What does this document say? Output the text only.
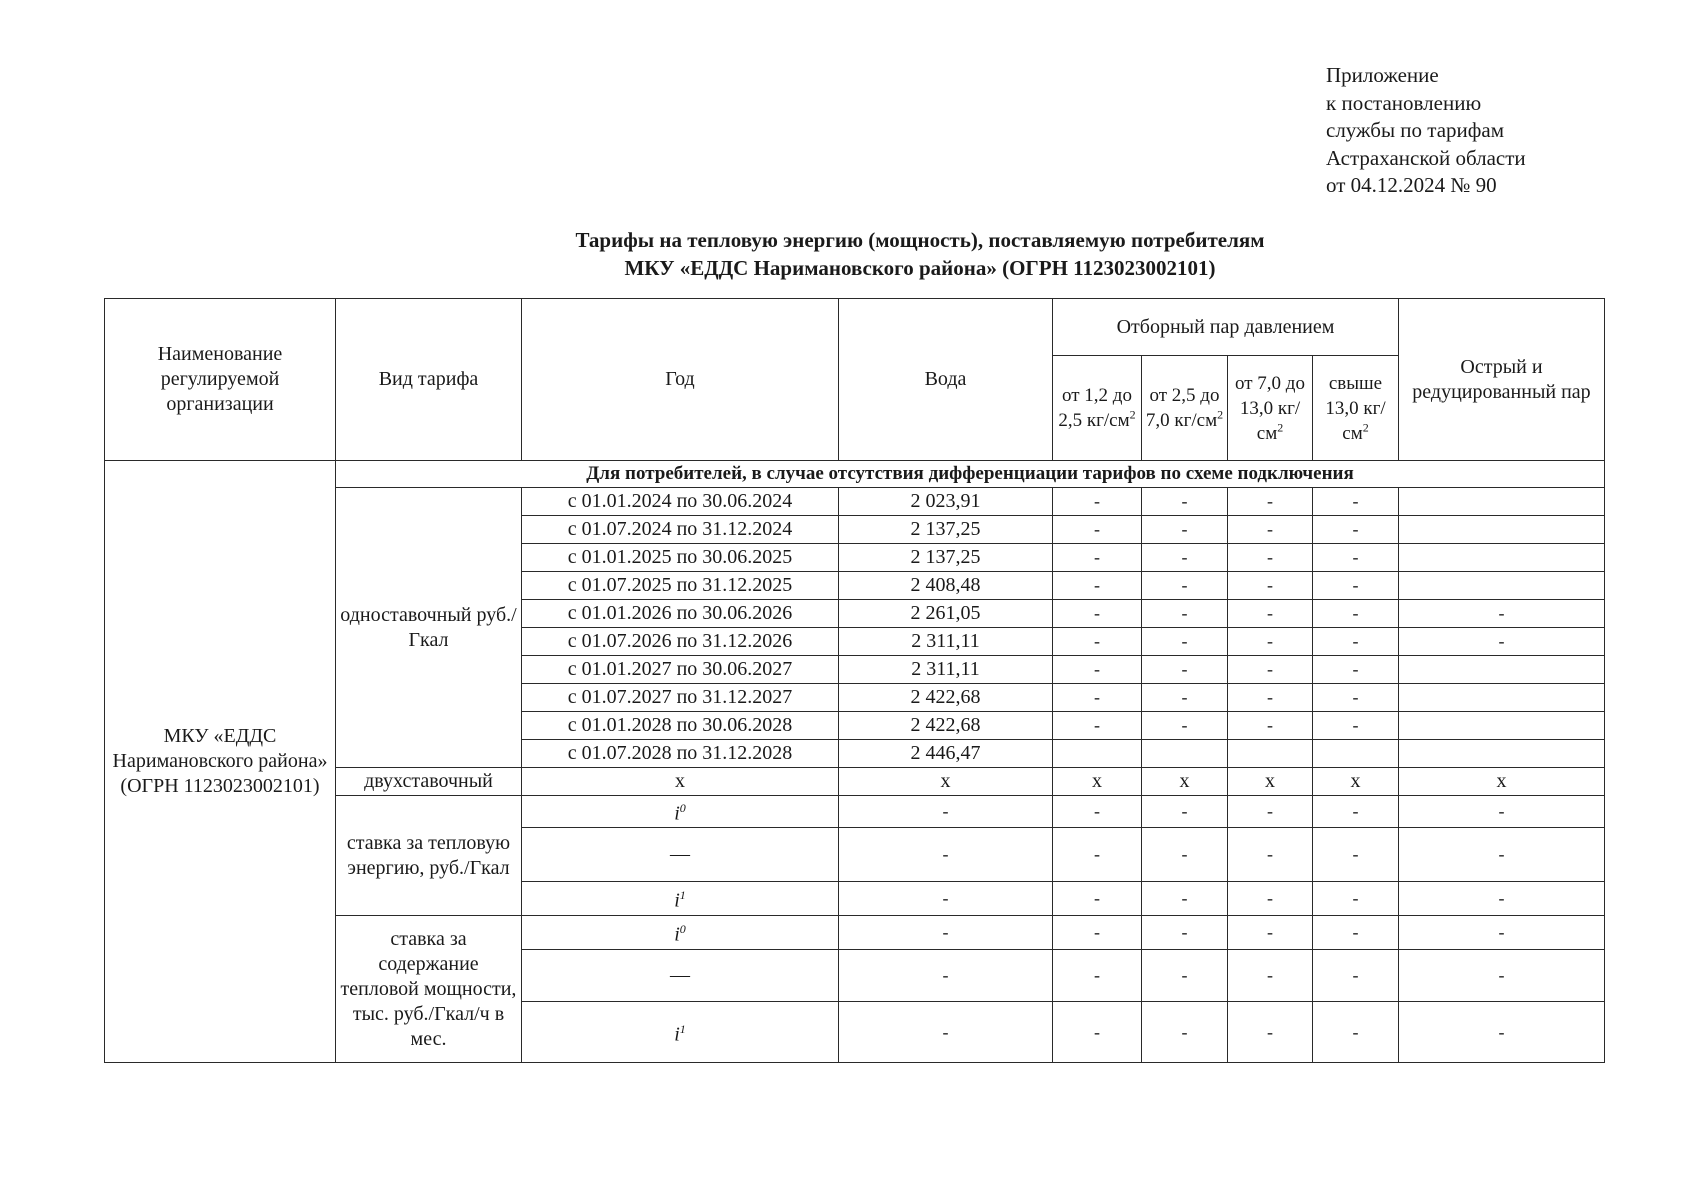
Приложение
к постановлению
службы по тарифам
Астраханской области
от 04.12.2024 № 90
Тарифы на тепловую энергию (мощность), поставляемую потребителям
МКУ «ЕДДС Наримановского района» (ОГРН 1123023002101)
Наименование регулируемой организации	Вид тарифа	Год	Вода	Отборный пар давлением				Острый и редуцированный пар
				от 1,2 до 2,5 $кг/см^2$	от 2,5 до 7,0 $кг/см^2$	от 7,0 до 13,0 $кг/см^2$	свыше 13,0 $кг/см^2$
МКУ «ЕДДС Наримановского района» (ОГРН 1123023002101)	Для потребителей, в случае отсутствия дифференциации тарифов по схеме подключения							
	одноставочный руб./Гкал	с 01.01.2024 по 30.06.2024	2 023,91	-	-	-	-	
		с 01.07.2024 по 31.12.2024	2 137,25	-	-	-	-	
		с 01.01.2025 по 30.06.2025	2 137,25	-	-	-	-	
		с 01.07.2025 по 31.12.2025	2 408,48	-	-	-	-	
		с 01.01.2026 по 30.06.2026	2 261,05	-	-	-	-	-
		с 01.07.2026 по 31.12.2026	2 311,11	-	-	-	-	-
		с 01.01.2027 по 30.06.2027	2 311,11	-	-	-	-	
		с 01.07.2027 по 31.12.2027	2 422,68	-	-	-	-	
		с 01.01.2028 по 30.06.2028	2 422,68	-	-	-	-	
		с 01.07.2028 по 31.12.2028	2 446,47					
	двухставочный	x	x	x	x	x	x	x
	ставка за тепловую энергию, руб./Гкал	$i^0$	-	-	-	-	-	-
		—	-	-	-	-	-	-
		$i^1$	-	-	-	-	-	-
	ставка за содержание тепловой мощности, тыс. руб./Гкал/ч в мес.	$i^0$	-	-	-	-	-	-
		—	-	-	-	-	-	-
		$i^1$	-	-	-	-	-	-
